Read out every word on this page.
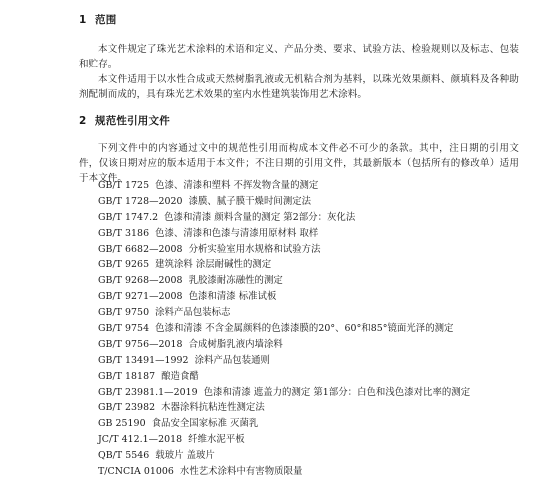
1 范围

本文件规定了珠光艺术涂料的术语和定义、产品分类、要求、试验方法、检验规则以及标志、包装和贮存。

本文件适用于以水性合成或天然树脂乳液或无机粘合剂为基料，以珠光效果颜料、颜填料及各种助剂配制而成的，具有珠光艺术效果的室内水性建筑装饰用艺术涂料。

2 规范性引用文件

下列文件中的内容通过文中的规范性引用而构成本文件必不可少的条款。其中，注日期的引用文件，仅该日期对应的版本适用于本文件；不注日期的引用文件，其最新版本（包括所有的修改单）适用于本文件。

GB/T 1725 色漆、清漆和塑料 不挥发物含量的测定
GB/T 1728—2020 漆膜、腻子膜干燥时间测定法
GB/T 1747.2 色漆和清漆 颜料含量的测定 第2部分：灰化法
GB/T 3186 色漆、清漆和色漆与清漆用原材料 取样
GB/T 6682—2008 分析实验室用水规格和试验方法
GB/T 9265 建筑涂料 涂层耐碱性的测定
GB/T 9268—2008 乳胶漆耐冻融性的测定
GB/T 9271—2008 色漆和清漆 标准试板
GB/T 9750 涂料产品包装标志
GB/T 9754 色漆和清漆 不含金属颜料的色漆漆膜的20°、60°和85°镜面光泽的测定
GB/T 9756—2018 合成树脂乳液内墙涂料
GB/T 13491—1992 涂料产品包装通则
GB/T 18187 酿造食醋
GB/T 23981.1—2019 色漆和清漆 遮盖力的测定 第1部分：白色和浅色漆对比率的测定
GB/T 23982 木器涂料抗粘连性测定法
GB 25190 食品安全国家标准 灭菌乳
JC/T 412.1—2018 纤维水泥平板
QB/T 5546 载玻片 盖玻片
T/CNCIA 01006 水性艺术涂料中有害物质限量
